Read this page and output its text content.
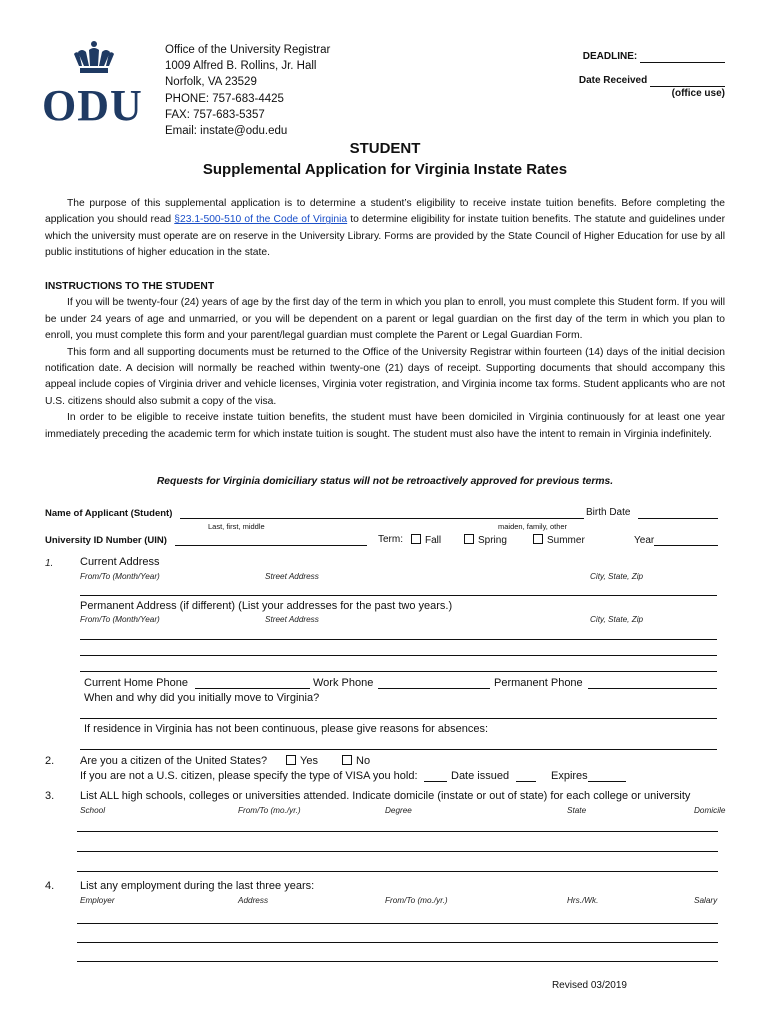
ODU
Office of the University Registrar
1009 Alfred B. Rollins, Jr. Hall
Norfolk, VA 23529
PHONE: 757-683-4425
FAX: 757-683-5357
Email: instate@odu.edu
DEADLINE:
Date Received
(office use)
STUDENT
Supplemental Application for Virginia Instate Rates

The purpose of this supplemental application is to determine a student’s eligibility to receive instate tuition benefits. Before completing the application you should read §23.1-500-510 of the Code of Virginia to determine eligibility for instate tuition benefits. The statute and guidelines under which the university must operate are on reserve in the University Library. Forms are provided by the State Council of Higher Education for use by all public institutions of higher education in the state.

INSTRUCTIONS TO THE STUDENT

If you will be twenty-four (24) years of age by the first day of the term in which you plan to enroll, you must complete this Student form. If you will be under 24 years of age and unmarried, or you will be dependent on a parent or legal guardian on the first day of the term in which you plan to enroll, you must complete this form and your parent/legal guardian must complete the Parent or Legal Guardian Form.

This form and all supporting documents must be returned to the Office of the University Registrar within fourteen (14) days of the initial decision notification date. A decision will normally be reached within twenty-one (21) days of receipt. Supporting documents that should accompany this appeal include copies of Virginia driver and vehicle licenses, Virginia voter registration, and Virginia income tax forms. Student applicants who are not U.S. citizens should also submit a copy of the visa.

In order to be eligible to receive instate tuition benefits, the student must have been domiciled in Virginia continuously for at least one year immediately preceding the academic term for which instate tuition is sought. The student must also have the intent to remain in Virginia indefinitely.

Requests for Virginia domiciliary status will not be retroactively approved for previous terms.
Name of Applicant (Student)	Birth Date
Last, first, middle	maiden, family, other
University ID Number (UIN)	Term:	Fall	Spring	Summer	Year
1. Current Address
From/To (Month/Year)	Street Address	City, State, Zip
Permanent Address (if different) (List your addresses for the past two years.)
From/To (Month/Year)	Street Address	City, State, Zip
Current Home Phone	Work Phone	Permanent Phone
When and why did you initially move to Virginia?
If residence in Virginia has not been continuous, please give reasons for absences:
2. Are you a citizen of the United States?	Yes	No
If you are not a U.S. citizen, please specify the type of VISA you hold:	Date issued	Expires
3. List ALL high schools, colleges or universities attended. Indicate domicile (instate or out of state) for each college or university
School	From/To (mo./yr.)	Degree	State	Domicile
4. List any employment during the last three years:
Employer	Address	From/To (mo./yr.)	Hrs./Wk.	Salary
Revised 03/2019
